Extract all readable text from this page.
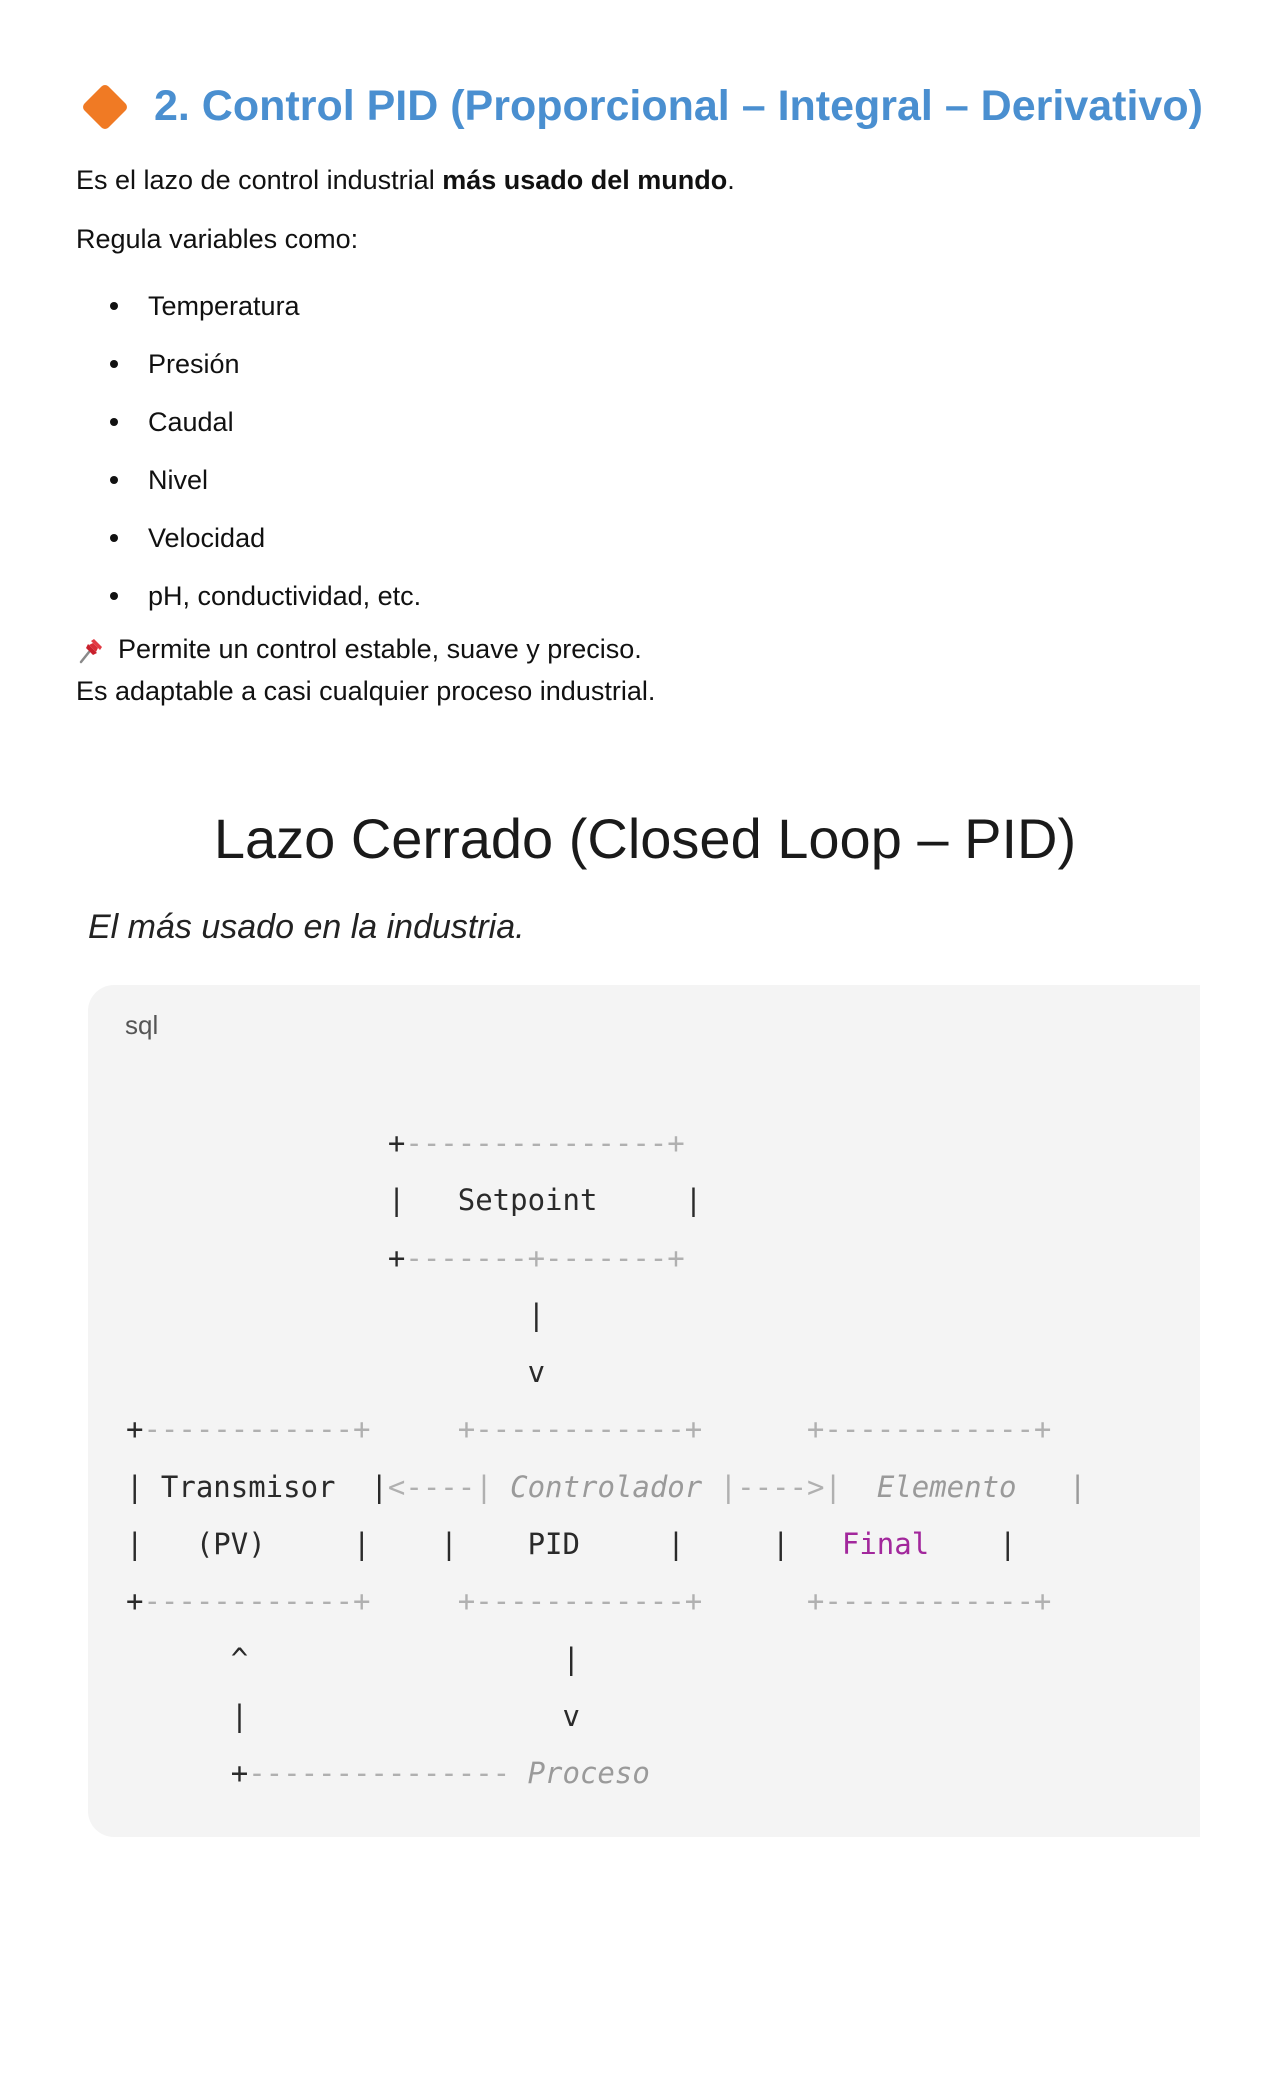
2. Control PID (Proporcional – Integral – Derivativo)
Es el lazo de control industrial más usado del mundo.
Regula variables como:
Temperatura
Presión
Caudal
Nivel
Velocidad
pH, conductividad, etc.
Permite un control estable, suave y preciso.
Es adaptable a casi cualquier proceso industrial.
Lazo Cerrado (Closed Loop – PID)
El más usado en la industria.
sql
+---------------+
|   Setpoint	|
+-------+-------+
|
v
+------------+     +------------+      +------------+
| Transmisor  |<----| Controlador |---->|  Elemento |
|   (PV)     |    |    PID     |     |   Final    |
+------------+     +------------+      +------------+
^                  |
|                  v
+--------------- Proceso
